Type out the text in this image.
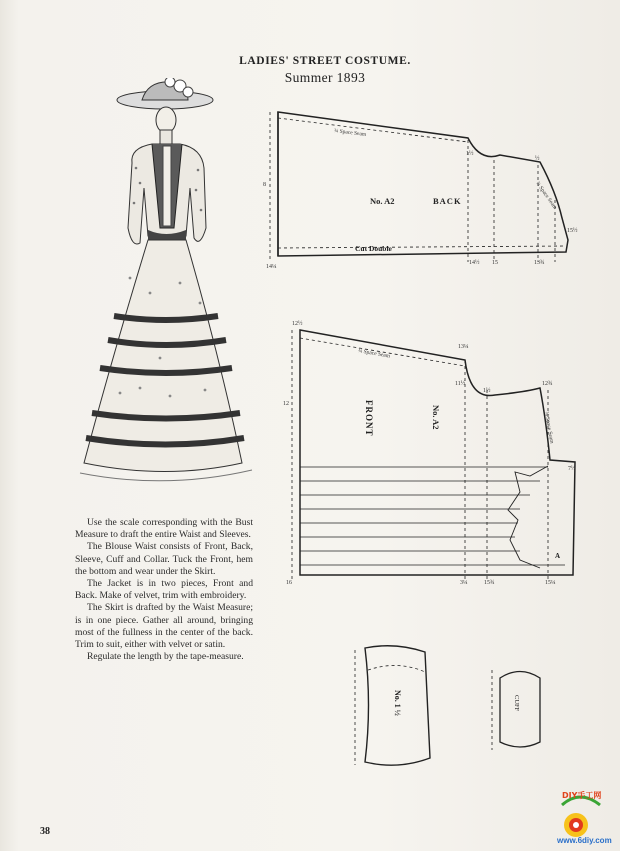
LADIES' STREET COSTUME.
Summer 1893

Use the scale corresponding with the Bust Measure to draft the entire Waist and Sleeves.

The Blouse Waist consists of Front, Back, Sleeve, Cuff and Collar. Tuck the Front, hem the bottom and wear under the Skirt.

The Jacket is in two pieces, Front and Back. Make of velvet, trim with embroidery.

The Skirt is drafted by the Waist Measure; is in one piece. Gather all around, bringing most of the fullness in the center of the back. Trim to suit, either with velvet or satin.

Regulate the length by the tape-measure.

¾ Space Seam
¾ Space Seam
No. A2	BACK
Cut Double
8
14¼
1½
14½ 15	13¾
½
15½
¾ Space Seam
¾ Space Seam
FRONT	No. A2
A
12½
12
13¼
11½	12¾
16	3¼
1½
15¾	15¼
7½
No. 1 ½	CUFF
38
DIY手工网
www.6diy.com
